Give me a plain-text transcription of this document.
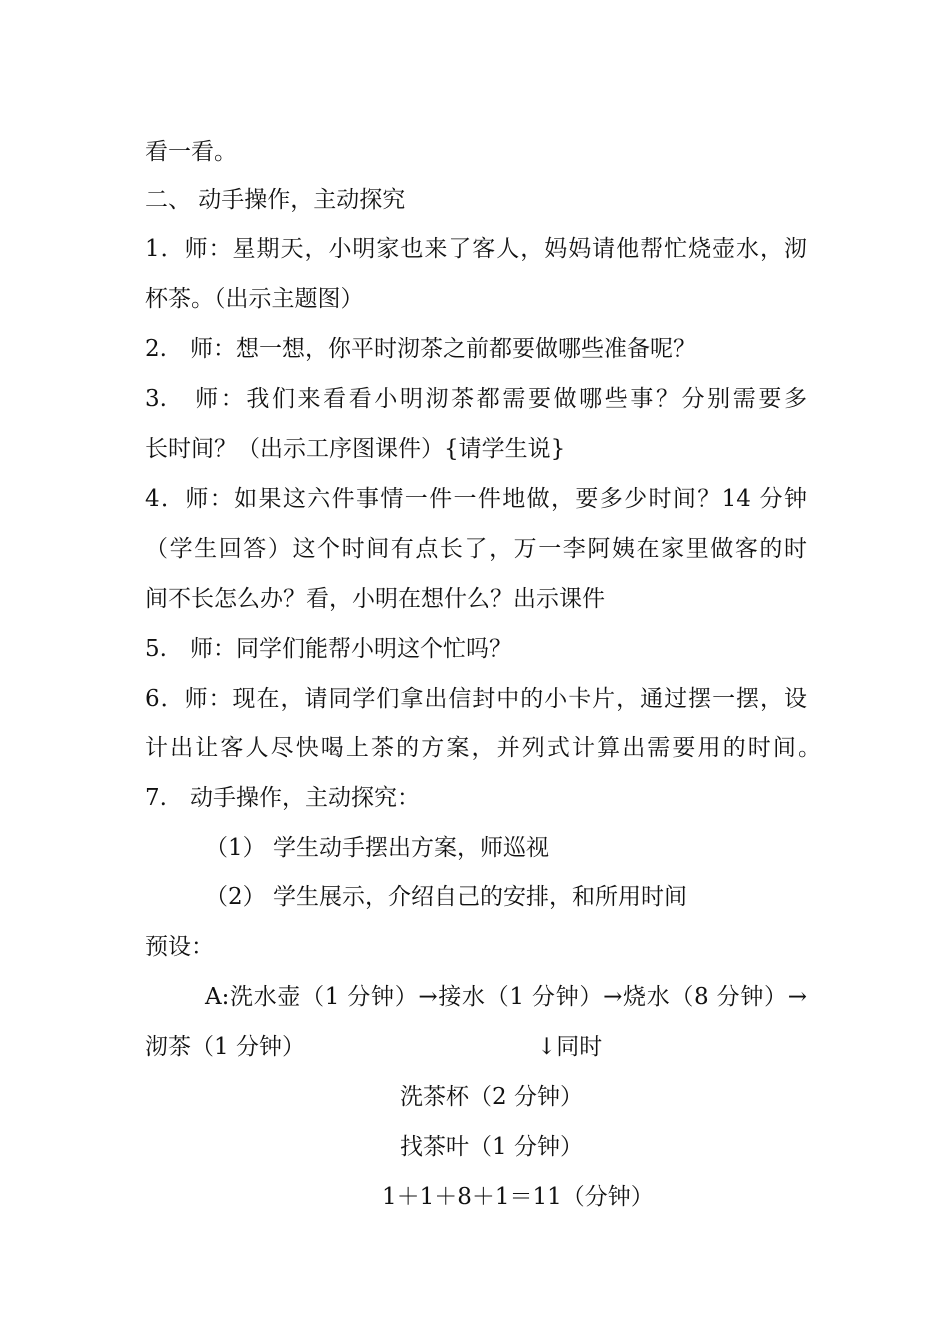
看一看。
二、 动手操作，主动探究
1．师：星期天，小明家也来了客人，妈妈请他帮忙烧壶水，沏
杯茶。（出示主题图）
2.　师：想一想，你平时沏茶之前都要做哪些准备呢？
3.　师：我们来看看小明沏茶都需要做哪些事？分别需要多
长时间？（出示工序图课件）{请学生说}
4．师：如果这六件事情一件一件地做，要多少时间？14 分钟
（学生回答）这个时间有点长了，万一李阿姨在家里做客的时
间不长怎么办？看，小明在想什么？出示课件
5.　师：同学们能帮小明这个忙吗？
6．师：现在，请同学们拿出信封中的小卡片，通过摆一摆，设
计出让客人尽快喝上茶的方案，并列式计算出需要用的时间。
7.　动手操作，主动探究：
（1） 学生动手摆出方案，师巡视
（2） 学生展示，介绍自己的安排，和所用时间
预设：
A:洗水壶（1 分钟）→接水（1 分钟）→烧水（8 分钟）→
沏茶（1 分钟）	↓同时
洗茶杯（2 分钟）
找茶叶（1 分钟）
1＋1＋8＋1＝11（分钟）
